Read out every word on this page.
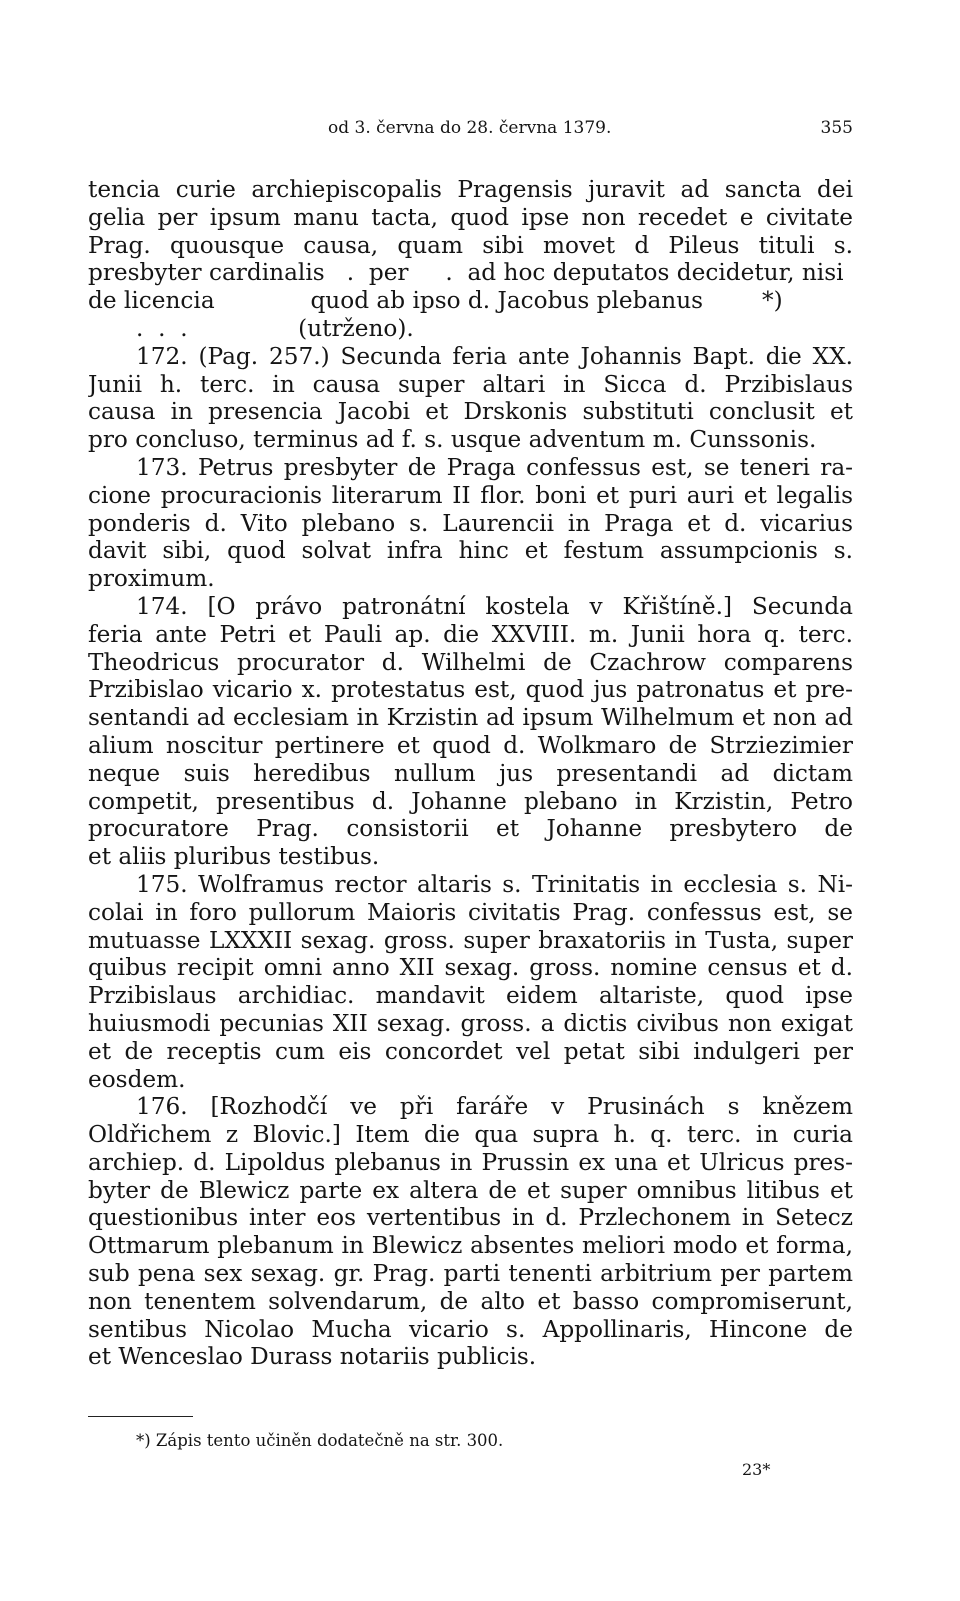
od 3. června do 28. června 1379.	355
tencia curie archiepiscopalis Pragensis juravit ad sancta dei
gelia per ipsum manu tacta, quod ipse non recedet e civitate
Prag. quousque causa, quam sibi movet d Pileus tituli s.
presbyter cardinalis   .  per     .  ad hoc deputatos decidetur, nisi
de licencia             quod ab ipso d. Jacobus plebanus        *)
.  .  .               (utrženo).
172. (Pag. 257.) Secunda feria ante Johannis Bapt. die XX.
Junii h. terc. in causa super altari in Sicca d. Przibislaus
causa in presencia Jacobi et Drskonis substituti conclusit et
pro concluso, terminus ad f. s. usque adventum m. Cunssonis.
173. Petrus presbyter de Praga confessus est, se teneri ra-
cione procuracionis literarum II flor. boni et puri auri et legalis
ponderis d. Vito plebano s. Laurencii in Praga et d. vicarius
davit sibi, quod solvat infra hinc et festum assumpcionis s.
proximum.
174. [O právo patronátní kostela v Křištíně.] Secunda
feria ante Petri et Pauli ap. die XXVIII. m. Junii hora q. terc.
Theodricus procurator d. Wilhelmi de Czachrow comparens
Przibislao vicario x. protestatus est, quod jus patronatus et pre-
sentandi ad ecclesiam in Krzistin ad ipsum Wilhelmum et non ad
alium noscitur pertinere et quod d. Wolkmaro de Strziezimier
neque suis heredibus nullum jus presentandi ad dictam
competit, presentibus d. Johanne plebano in Krzistin, Petro
procuratore Prag. consistorii et Johanne presbytero de
et aliis pluribus testibus.
175. Wolframus rector altaris s. Trinitatis in ecclesia s. Ni-
colai in foro pullorum Maioris civitatis Prag. confessus est, se
mutuasse LXXXII sexag. gross. super braxatoriis in Tusta, super
quibus recipit omni anno XII sexag. gross. nomine census et d.
Przibislaus archidiac. mandavit eidem altariste, quod ipse
huiusmodi pecunias XII sexag. gross. a dictis civibus non exigat
et de receptis cum eis concordet vel petat sibi indulgeri per
eosdem.
176. [Rozhodčí ve při faráře v Prusinách s knězem
Oldřichem z Blovic.] Item die qua supra h. q. terc. in curia
archiep. d. Lipoldus plebanus in Prussin ex una et Ulricus pres-
byter de Blewicz parte ex altera de et super omnibus litibus et
questionibus inter eos vertentibus in d. Przlechonem in Setecz
Ottmarum plebanum in Blewicz absentes meliori modo et forma,
sub pena sex sexag. gr. Prag. parti tenenti arbitrium per partem
non tenentem solvendarum, de alto et basso compromiserunt,
sentibus Nicolao Mucha vicario s. Appollinaris, Hincone de
et Wenceslao Durass notariis publicis.
*) Zápis tento učiněn dodatečně na str. 300.
23*
